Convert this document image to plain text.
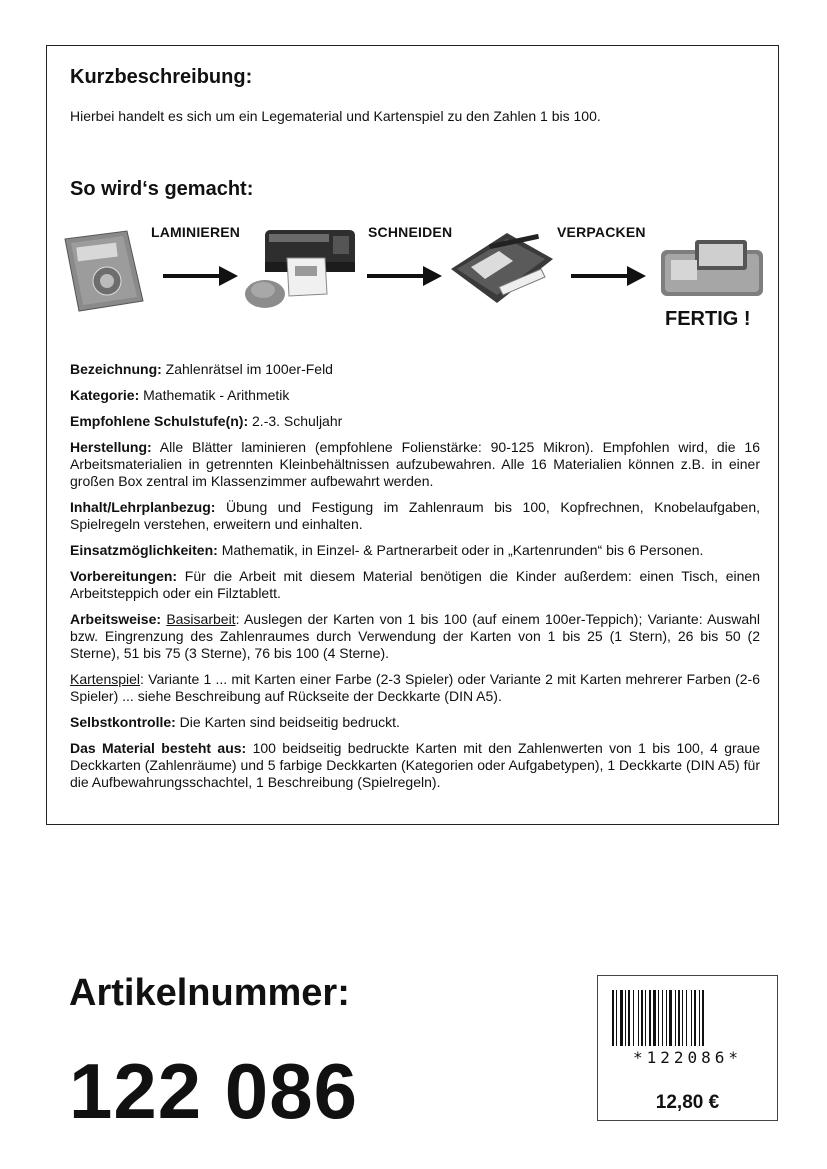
Kurzbeschreibung:
Hierbei handelt es sich um ein Legematerial und Kartenspiel zu den Zahlen 1 bis 100.
So wird‘s gemacht:
LAMINIEREN	SCHNEIDEN	VERPACKEN
FERTIG !

Bezeichnung: Zahlenrätsel im 100er-Feld

Kategorie: Mathematik - Arithmetik

Empfohlene Schulstufe(n): 2.-3. Schuljahr

Herstellung: Alle Blätter laminieren (empfohlene Folienstärke: 90-125 Mikron). Empfohlen wird, die 16 Arbeitsmaterialien in getrennten Kleinbehältnissen aufzubewahren. Alle 16 Materialien können z.B. in einer großen Box zentral im Klassenzimmer aufbewahrt werden.

Inhalt/Lehrplanbezug: Übung und Festigung im Zahlenraum bis 100, Kopfrechnen, Knobelaufgaben, Spielregeln verstehen, erweitern und einhalten.

Einsatzmöglichkeiten: Mathematik, in Einzel- & Partnerarbeit oder in „Kartenrunden“ bis 6 Personen.

Vorbereitungen: Für die Arbeit mit diesem Material benötigen die Kinder außerdem: einen Tisch, einen Arbeitsteppich oder ein Filztablett.

Arbeitsweise: Basisarbeit: Auslegen der Karten von 1 bis 100 (auf einem 100er-Teppich); Variante: Auswahl bzw. Eingrenzung des Zahlenraumes durch Verwendung der Karten von 1 bis 25 (1 Stern), 26 bis 50 (2 Sterne), 51 bis 75 (3 Sterne), 76 bis 100 (4 Sterne).

Kartenspiel: Variante 1 ... mit Karten einer Farbe (2-3 Spieler) oder Variante 2 mit Karten mehrerer Farben (2-6 Spieler) ... siehe Beschreibung auf Rückseite der Deckkarte (DIN A5).

Selbstkontrolle: Die Karten sind beidseitig bedruckt.

Das Material besteht aus: 100 beidseitig bedruckte Karten mit den Zahlenwerten von 1 bis 100, 4 graue Deckkarten (Zahlenräume) und 5 farbige Deckkarten (Kategorien oder Aufgabetypen), 1 Deckkarte (DIN A5) für die Aufbewahrungsschachtel, 1 Beschreibung (Spielregeln).

Artikelnummer:
122 086	*122086*
12,80 €
